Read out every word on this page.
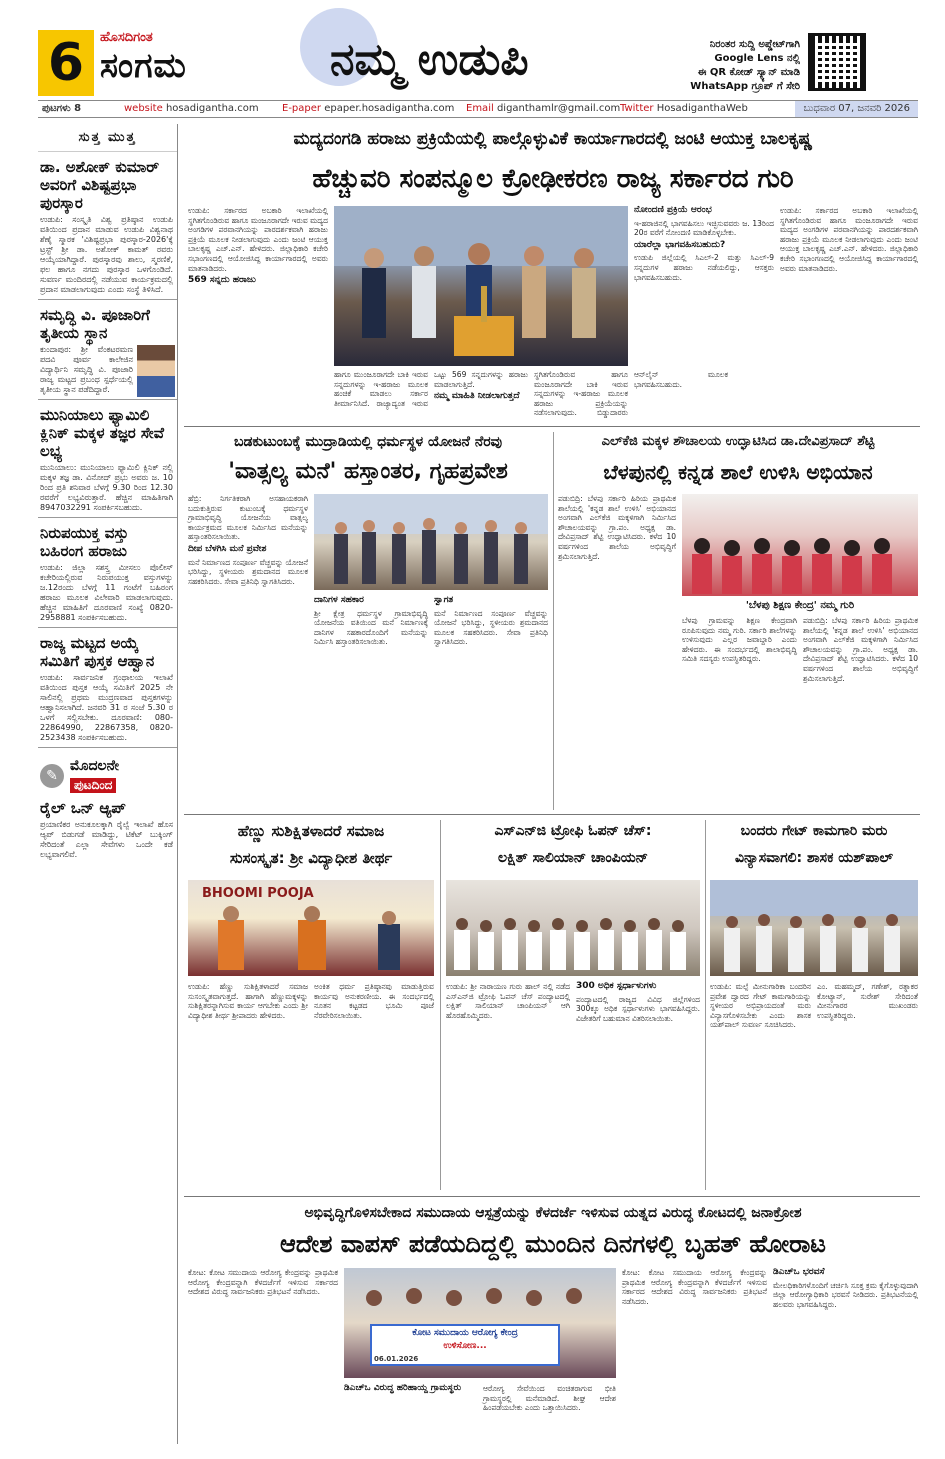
6	ಹೊಸದಿಗಂತ
ಸಂಗಮ	ನಮ್ಮ ಉಡುಪಿ	ನಿರಂತರ ಸುದ್ದಿ ಅಪ್ಡೇಟ್‌ಗಾಗಿ
Google Lens ನಲ್ಲಿ
ಈ QR ಕೋಡ್ ಸ್ಕ್ಯಾನ್ ಮಾಡಿ
WhatsApp ಗ್ರೂಪ್ ಗೆ ಸೇರಿ
ಪುಟಗಳು 8	website hosadigantha.com E-paper epaper.hosadigantha.com Email diganthamlr@gmail.com Twitter HosadiganthaWeb	ಬುಧವಾರ 07, ಜನವರಿ 2026
ಸುತ್ತ ಮುತ್ತ
ಡಾ. ಅಶೋಕ್ ಕುಮಾರ್ ಅವರಿಗೆ ವಿಶಿಷ್ಟಪ್ರಭಾ ಪುರಸ್ಕಾರ
ಉಡುಪಿ: ಸಂಸ್ಕೃತಿ ವಿಶ್ವ ಪ್ರತಿಷ್ಠಾನ ಉಡುಪಿ ವತಿಯಿಂದ ಪ್ರದಾನ ಮಾಡುವ ಉಡುಪಿ ವಿಶ್ವನಾಥ ಶೆಣೈ ಸ್ಮಾರಕ 'ವಿಶಿಷ್ಟಪ್ರಭಾ ಪುರಸ್ಕಾರ-2026'ಕ್ಕೆ ಟ್ರಸ್ಟ್ ಶ್ರೀ ಡಾ. ಅಶೋಕ್ ಕಾಮತ್ ರವರು ಆಯ್ಕೆಯಾಗಿದ್ದಾರೆ. ಪುರಸ್ಕಾರವು ಶಾಲು, ಸ್ಮರಣಿಕೆ, ಫಲ ಹಾಗೂ ನಗದು ಪುರಸ್ಕಾರ ಒಳಗೊಂಡಿದೆ. ಸುವರ್ಣ ಮಂದಿರದಲ್ಲಿ ನಡೆಯುವ ಕಾರ್ಯಕ್ರಮದಲ್ಲಿ ಪ್ರದಾನ ಮಾಡಲಾಗುವುದು ಎಂದು ಸಂಸ್ಥೆ ತಿಳಿಸಿದೆ.
ಸಮೃದ್ಧಿ ವಿ. ಪೂಜಾರಿಗೆ ತೃತೀಯ ಸ್ಥಾನ
ಕುಂದಾಪುರ: ಶ್ರೀ ವೆಂಕಟರಮಣ ಪದವಿ ಪೂರ್ವ ಕಾಲೇಜಿನ ವಿದ್ಯಾರ್ಥಿನಿ ಸಮೃದ್ಧಿ ವಿ. ಪೂಜಾರಿ ರಾಜ್ಯ ಮಟ್ಟದ ಪ್ರಬಂಧ ಸ್ಪರ್ಧೆಯಲ್ಲಿ ತೃತೀಯ ಸ್ಥಾನ ಪಡೆದಿದ್ದಾರೆ.
ಮುನಿಯಾಲು ಫ್ಯಾಮಿಲಿ ಕ್ಲಿನಿಕ್ ಮಕ್ಕಳ ತಜ್ಞರ ಸೇವೆ ಲಭ್ಯ
ಮುನಿಯಾಲು: ಮುನಿಯಾಲು ಫ್ಯಾಮಿಲಿ ಕ್ಲಿನಿಕ್ ನಲ್ಲಿ ಮಕ್ಕಳ ತಜ್ಞ ಡಾ. ವಿನೋದ್ ಪ್ರಭು ಅವರು ಜ. 10 ರಿಂದ ಪ್ರತಿ ಶನಿವಾರ ಬೆಳಗ್ಗೆ 9.30 ರಿಂದ 12.30 ರವರೆಗೆ ಲಭ್ಯವಿರುತ್ತಾರೆ. ಹೆಚ್ಚಿನ ಮಾಹಿತಿಗಾಗಿ 8947032291 ಸಂಪರ್ಕಿಸಬಹುದು.
ನಿರುಪಯುಕ್ತ ವಸ್ತು ಬಹಿರಂಗ ಹರಾಜು
ಉಡುಪಿ: ಜಿಲ್ಲಾ ಸಶಸ್ತ್ರ ಮೀಸಲು ಪೊಲೀಸ್ ಕಚೇರಿಯಲ್ಲಿರುವ ನಿರುಪಯುಕ್ತ ವಸ್ತುಗಳನ್ನು ಜ.12ರಂದು ಬೆಳಗ್ಗೆ 11 ಗಂಟೆಗೆ ಬಹಿರಂಗ ಹರಾಜು ಮೂಲಕ ವಿಲೇವಾರಿ ಮಾಡಲಾಗುವುದು. ಹೆಚ್ಚಿನ ಮಾಹಿತಿಗೆ ದೂರವಾಣಿ ಸಂಖ್ಯೆ 0820-2958881 ಸಂಪರ್ಕಿಸಬಹುದು.
ರಾಜ್ಯ ಮಟ್ಟದ ಅಯ್ಕೆ ಸಮಿತಿಗೆ ಪುಸ್ತಕ ಆಹ್ವಾನ
ಉಡುಪಿ: ಸಾರ್ವಜನಿಕ ಗ್ರಂಥಾಲಯ ಇಲಾಖೆ ವತಿಯಿಂದ ಪುಸ್ತಕ ಆಯ್ಕೆ ಸಮಿತಿಗೆ 2025 ನೇ ಸಾಲಿನಲ್ಲಿ ಪ್ರಥಮ ಮುದ್ರಣವಾದ ಪುಸ್ತಕಗಳನ್ನು ಆಹ್ವಾನಿಸಲಾಗಿದೆ. ಜನವರಿ 31 ರ ಸಂಜೆ 5.30 ರ ಒಳಗೆ ಸಲ್ಲಿಸಬೇಕು. ದೂರವಾಣಿ: 080-22864990, 22867358, 0820-2523438 ಸಂಪರ್ಕಿಸಬಹುದು.
✎
ಮೊದಲನೇ
ಪುಟದಿಂದ
ರೈಲ್ ಒನ್ ಆ್ಯಪ್
ಪ್ರಯಾಣಿಕರ ಅನುಕೂಲಕ್ಕಾಗಿ ರೈಲ್ವೆ ಇಲಾಖೆ ಹೊಸ ಆ್ಯಪ್ ಬಿಡುಗಡೆ ಮಾಡಿದ್ದು, ಟಿಕೆಟ್ ಬುಕ್ಕಿಂಗ್ ಸೇರಿದಂತೆ ಎಲ್ಲಾ ಸೇವೆಗಳು ಒಂದೇ ಕಡೆ ಲಭ್ಯವಾಗಲಿವೆ.
ಮದ್ಯದಂಗಡಿ ಹರಾಜು ಪ್ರಕ್ರಿಯೆಯಲ್ಲಿ ಪಾಲ್ಗೊಳ್ಳುವಿಕೆ ಕಾರ್ಯಾಗಾರದಲ್ಲಿ ಜಂಟಿ ಆಯುಕ್ತ ಬಾಲಕೃಷ್ಣ
ಹೆಚ್ಚುವರಿ ಸಂಪನ್ಮೂಲ ಕ್ರೋಢೀಕರಣ ರಾಜ್ಯ ಸರ್ಕಾರದ ಗುರಿ

ಉಡುಪಿ: ಸರ್ಕಾರದ ಅಬಕಾರಿ ಇಲಾಖೆಯಲ್ಲಿ ಸ್ಥಗಿತಗೊಂಡಿರುವ ಹಾಗೂ ಮಂಜೂರಾಗದೇ ಇರುವ ಮದ್ಯದ ಅಂಗಡಿಗಳ ಪರವಾನಗಿಯನ್ನು ಪಾರದರ್ಶಕವಾಗಿ ಹರಾಜು ಪ್ರಕ್ರಿಯೆ ಮೂಲಕ ನೀಡಲಾಗುವುದು ಎಂದು ಜಂಟಿ ಆಯುಕ್ತ ಬಾಲಕೃಷ್ಣ ಎಚ್.ಎನ್. ಹೇಳಿದರು. ಜಿಲ್ಲಾಧಿಕಾರಿ ಕಚೇರಿ ಸಭಾಂಗಣದಲ್ಲಿ ಆಯೋಜಿಸಿದ್ದ ಕಾರ್ಯಾಗಾರದಲ್ಲಿ ಅವರು ಮಾತನಾಡಿದರು.

569 ಸನ್ನದು ಹರಾಜು

ಹಾಗೂ ಮುಂಜೂರಾಗದೇ ಬಾಕಿ ಇರುವ ಸನ್ನದುಗಳನ್ನು ಇ-ಹರಾಜು ಮೂಲಕ ಹಂಚಿಕೆ ಮಾಡಲು ಸರ್ಕಾರ ತೀರ್ಮಾನಿಸಿದೆ. ರಾಜ್ಯಾದ್ಯಂತ ಇರುವ ಒಟ್ಟು 569 ಸನ್ನದುಗಳನ್ನು ಹರಾಜು ಮಾಡಲಾಗುತ್ತಿದೆ.

ನಮ್ಮ ಮಾಹಿತಿ ನೀಡಲಾಗುತ್ತದೆ

ಸ್ಥಗಿತಗೊಂಡಿರುವ ಹಾಗೂ ಮಂಜೂರಾಗದೇ ಬಾಕಿ ಇರುವ ಸನ್ನದುಗಳನ್ನು ಇ-ಹರಾಜು ಮೂಲಕ ಹರಾಜು ಪ್ರಕ್ರಿಯೆಯನ್ನು ನಡೆಸಲಾಗುವುದು. ಬಿಡ್ಡುದಾರರು ಆನ್‌ಲೈನ್ ಮೂಲಕ ಭಾಗವಹಿಸಬಹುದು.

ನೋಂದಣಿ ಪ್ರಕ್ರಿಯೆ ಆರಂಭ

ಇ-ಹರಾಜಿನಲ್ಲಿ ಭಾಗವಹಿಸಲು ಇಚ್ಛಿಸುವವರು ಜ. 13ರಿಂದ 20ರ ವರೆಗೆ ನೋಂದಣಿ ಮಾಡಿಕೊಳ್ಳಬೇಕು.

ಯಾರೆಲ್ಲಾ ಭಾಗವಹಿಸಬಹುದು?

ಉಡುಪಿ ಜಿಲ್ಲೆಯಲ್ಲಿ ಸಿಎಲ್-2 ಮತ್ತು ಸಿಎಲ್-9 ಸನ್ನದುಗಳ ಹರಾಜು ನಡೆಯಲಿದ್ದು, ಆಸಕ್ತರು ಭಾಗವಹಿಸಬಹುದು.

ಉಡುಪಿ: ಸರ್ಕಾರದ ಅಬಕಾರಿ ಇಲಾಖೆಯಲ್ಲಿ ಸ್ಥಗಿತಗೊಂಡಿರುವ ಹಾಗೂ ಮಂಜೂರಾಗದೇ ಇರುವ ಮದ್ಯದ ಅಂಗಡಿಗಳ ಪರವಾನಗಿಯನ್ನು ಪಾರದರ್ಶಕವಾಗಿ ಹರಾಜು ಪ್ರಕ್ರಿಯೆ ಮೂಲಕ ನೀಡಲಾಗುವುದು ಎಂದು ಜಂಟಿ ಆಯುಕ್ತ ಬಾಲಕೃಷ್ಣ ಎಚ್.ಎನ್. ಹೇಳಿದರು. ಜಿಲ್ಲಾಧಿಕಾರಿ ಕಚೇರಿ ಸಭಾಂಗಣದಲ್ಲಿ ಆಯೋಜಿಸಿದ್ದ ಕಾರ್ಯಾಗಾರದಲ್ಲಿ ಅವರು ಮಾತನಾಡಿದರು.

ಬಡಕುಟುಂಬಕ್ಕೆ ಮುದ್ರಾಡಿಯಲ್ಲಿ ಧರ್ಮಸ್ಥಳ ಯೋಜನೆ ನೆರವು
'ವಾತ್ಸಲ್ಯ ಮನೆ' ಹಸ್ತಾಂತರ, ಗೃಹಪ್ರವೇಶ

ಹೆಬ್ರಿ: ನಿರ್ಗತಿಕರಾಗಿ ಅಸಹಾಯಕರಾಗಿ ಬದುಕುತ್ತಿರುವ ಕುಟುಂಬಕ್ಕೆ ಧರ್ಮಸ್ಥಳ ಗ್ರಾಮಾಭಿವೃದ್ಧಿ ಯೋಜನೆಯ ವಾತ್ಸಲ್ಯ ಕಾರ್ಯಕ್ರಮದ ಮೂಲಕ ನಿರ್ಮಿಸಿದ ಮನೆಯನ್ನು ಹಸ್ತಾಂತರಿಸಲಾಯಿತು.

ದೀಪ ಬೆಳಗಿಸಿ ಮನೆ ಪ್ರವೇಶ

ಮನೆ ನಿರ್ಮಾಣದ ಸಂಪೂರ್ಣ ವೆಚ್ಚವನ್ನು ಯೋಜನೆ ಭರಿಸಿದ್ದು, ಸ್ಥಳೀಯರು ಶ್ರಮದಾನದ ಮೂಲಕ ಸಹಕರಿಸಿದರು. ಸೇವಾ ಪ್ರತಿನಿಧಿ ಸ್ವಾಗತಿಸಿದರು.

ದಾನಿಗಳ ಸಹಕಾರ

ಶ್ರೀ ಕ್ಷೇತ್ರ ಧರ್ಮಸ್ಥಳ ಗ್ರಾಮಾಭಿವೃದ್ಧಿ ಯೋಜನೆಯ ವತಿಯಿಂದ ಮನೆ ನಿರ್ಮಾಣಕ್ಕೆ ದಾನಿಗಳ ಸಹಕಾರದೊಂದಿಗೆ ಮನೆಯನ್ನು ನಿರ್ಮಿಸಿ ಹಸ್ತಾಂತರಿಸಲಾಯಿತು.

ಸ್ವಾಗತ

ಮನೆ ನಿರ್ಮಾಣದ ಸಂಪೂರ್ಣ ವೆಚ್ಚವನ್ನು ಯೋಜನೆ ಭರಿಸಿದ್ದು, ಸ್ಥಳೀಯರು ಶ್ರಮದಾನದ ಮೂಲಕ ಸಹಕರಿಸಿದರು. ಸೇವಾ ಪ್ರತಿನಿಧಿ ಸ್ವಾಗತಿಸಿದರು.

ಎಲ್‌ಕೆಜಿ ಮಕ್ಕಳ ಶೌಚಾಲಯ ಉದ್ಘಾಟಿಸಿದ ಡಾ.ದೇವಿಪ್ರಸಾದ್ ಶೆಟ್ಟಿ
ಬೆಳಪುನಲ್ಲಿ ಕನ್ನಡ ಶಾಲೆ ಉಳಿಸಿ ಅಭಿಯಾನ

ಪಡುಬಿದ್ರಿ: ಬೆಳಪು ಸರ್ಕಾರಿ ಹಿರಿಯ ಪ್ರಾಥಮಿಕ ಶಾಲೆಯಲ್ಲಿ 'ಕನ್ನಡ ಶಾಲೆ ಉಳಿಸಿ' ಅಭಿಯಾನದ ಅಂಗವಾಗಿ ಎಲ್‌ಕೆಜಿ ಮಕ್ಕಳಿಗಾಗಿ ನಿರ್ಮಿಸಿದ ಶೌಚಾಲಯವನ್ನು ಗ್ರಾ.ಪಂ. ಅಧ್ಯಕ್ಷ ಡಾ. ದೇವಿಪ್ರಸಾದ್ ಶೆಟ್ಟಿ ಉದ್ಘಾಟಿಸಿದರು. ಕಳೆದ 10 ವರ್ಷಗಳಿಂದ ಶಾಲೆಯ ಅಭಿವೃದ್ಧಿಗೆ ಶ್ರಮಿಸಲಾಗುತ್ತಿದೆ.

'ಬೆಳಪು ಶಿಕ್ಷಣ ಕೇಂದ್ರ' ನಮ್ಮ ಗುರಿ

ಬೆಳಪು ಗ್ರಾಮವನ್ನು ಶಿಕ್ಷಣ ಕೇಂದ್ರವಾಗಿ ರೂಪಿಸುವುದು ನಮ್ಮ ಗುರಿ. ಸರ್ಕಾರಿ ಶಾಲೆಗಳನ್ನು ಉಳಿಸುವುದು ಎಲ್ಲರ ಜವಾಬ್ದಾರಿ ಎಂದು ಹೇಳಿದರು. ಈ ಸಂದರ್ಭದಲ್ಲಿ ಶಾಲಾಭಿವೃದ್ಧಿ ಸಮಿತಿ ಸದಸ್ಯರು ಉಪಸ್ಥಿತರಿದ್ದರು.

ಪಡುಬಿದ್ರಿ: ಬೆಳಪು ಸರ್ಕಾರಿ ಹಿರಿಯ ಪ್ರಾಥಮಿಕ ಶಾಲೆಯಲ್ಲಿ 'ಕನ್ನಡ ಶಾಲೆ ಉಳಿಸಿ' ಅಭಿಯಾನದ ಅಂಗವಾಗಿ ಎಲ್‌ಕೆಜಿ ಮಕ್ಕಳಿಗಾಗಿ ನಿರ್ಮಿಸಿದ ಶೌಚಾಲಯವನ್ನು ಗ್ರಾ.ಪಂ. ಅಧ್ಯಕ್ಷ ಡಾ. ದೇವಿಪ್ರಸಾದ್ ಶೆಟ್ಟಿ ಉದ್ಘಾಟಿಸಿದರು. ಕಳೆದ 10 ವರ್ಷಗಳಿಂದ ಶಾಲೆಯ ಅಭಿವೃದ್ಧಿಗೆ ಶ್ರಮಿಸಲಾಗುತ್ತಿದೆ.

ಹೆಣ್ಣು ಸುಶಿಕ್ಷಿತಳಾದರೆ ಸಮಾಜ
ಸುಸಂಸ್ಕೃತ: ಶ್ರೀ ವಿದ್ಯಾಧೀಶ ತೀರ್ಥ
BHOOMI POOJA

ಉಡುಪಿ: ಹೆಣ್ಣು ಸುಶಿಕ್ಷಿತಳಾದರೆ ಸಮಾಜ ಸುಸಂಸ್ಕೃತವಾಗುತ್ತದೆ. ಹಾಗಾಗಿ ಹೆಣ್ಣುಮಕ್ಕಳನ್ನು ಸುಶಿಕ್ಷಿತರನ್ನಾಗಿಸುವ ಕಾರ್ಯ ಆಗಬೇಕು ಎಂದು ಶ್ರೀ ವಿದ್ಯಾಧೀಶ ತೀರ್ಥ ಶ್ರೀಪಾದರು ಹೇಳಿದರು.

ಅಂಕಿತ ಧರ್ಮ ಪ್ರತಿಷ್ಠಾನವು ಮಾಡುತ್ತಿರುವ ಕಾರ್ಯವು ಅನುಕರಣೀಯ. ಈ ಸಂದರ್ಭದಲ್ಲಿ ನೂತನ ಕಟ್ಟಡದ ಭೂಮಿ ಪೂಜೆ ನೆರವೇರಿಸಲಾಯಿತು.

ಎಸ್‌ಎನ್‌ಜಿ ಟ್ರೋಫಿ ಓಪನ್ ಚೆಸ್:
ಲಕ್ಷಿತ್ ಸಾಲಿಯಾನ್ ಚಾಂಪಿಯನ್

ಉಡುಪಿ: ಶ್ರೀ ನಾರಾಯಣ ಗುರು ಹಾಲ್ ನಲ್ಲಿ ನಡೆದ ಎಸ್‌ಎನ್‌ಜಿ ಟ್ರೋಫಿ ಓಪನ್ ಚೆಸ್ ಪಂದ್ಯಾಟದಲ್ಲಿ ಲಕ್ಷಿತ್ ಸಾಲಿಯಾನ್ ಚಾಂಪಿಯನ್ ಆಗಿ ಹೊರಹೊಮ್ಮಿದರು.

300 ಅಧಿಕ ಸ್ಪರ್ಧಾಳುಗಳು

ಪಂದ್ಯಾಟದಲ್ಲಿ ರಾಜ್ಯದ ವಿವಿಧ ಜಿಲ್ಲೆಗಳಿಂದ 300ಕ್ಕೂ ಅಧಿಕ ಸ್ಪರ್ಧಾಳುಗಳು ಭಾಗವಹಿಸಿದ್ದರು. ವಿಜೇತರಿಗೆ ಬಹುಮಾನ ವಿತರಿಸಲಾಯಿತು.

ಬಂದರು ಗೇಟ್ ಕಾಮಗಾರಿ ಮರು
ವಿನ್ಯಾಸವಾಗಲಿ: ಶಾಸಕ ಯಶ್‌ಪಾಲ್

ಉಡುಪಿ: ಮಲ್ಪೆ ಮೀನುಗಾರಿಕಾ ಬಂದರಿನ ಪ್ರವೇಶ ದ್ವಾರದ ಗೇಟ್ ಕಾಮಗಾರಿಯನ್ನು ಸ್ಥಳೀಯರ ಅಭಿಪ್ರಾಯದಂತೆ ಮರು ವಿನ್ಯಾಸಗೊಳಿಸಬೇಕು ಎಂದು ಶಾಸಕ ಯಶ್‌ಪಾಲ್ ಸುವರ್ಣ ಸೂಚಿಸಿದರು.

ಎಂ. ಮಹಮ್ಮದ್, ಗಣೇಶ್, ರತ್ನಾಕರ ಕೋಟ್ಯಾನ್, ಸುರೇಶ್ ಸೇರಿದಂತೆ ಮೀನುಗಾರರ ಮುಖಂಡರು ಉಪಸ್ಥಿತರಿದ್ದರು.

ಅಭಿವೃದ್ಧಿಗೊಳಿಸಬೇಕಾದ ಸಮುದಾಯ ಆಸ್ಪತ್ರೆಯನ್ನು ಕೆಳದರ್ಜೆ ಇಳಿಸುವ ಯತ್ನದ ವಿರುದ್ಧ ಕೋಟದಲ್ಲಿ ಜನಾಕ್ರೋಶ
ಆದೇಶ ವಾಪಸ್ ಪಡೆಯದಿದ್ದಲ್ಲಿ ಮುಂದಿನ ದಿನಗಳಲ್ಲಿ ಬೃಹತ್ ಹೋರಾಟ

ಕೋಟ: ಕೋಟ ಸಮುದಾಯ ಆರೋಗ್ಯ ಕೇಂದ್ರವನ್ನು ಪ್ರಾಥಮಿಕ ಆರೋಗ್ಯ ಕೇಂದ್ರವನ್ನಾಗಿ ಕೆಳದರ್ಜೆಗೆ ಇಳಿಸುವ ಸರ್ಕಾರದ ಆದೇಶದ ವಿರುದ್ಧ ಸಾರ್ವಜನಿಕರು ಪ್ರತಿಭಟನೆ ನಡೆಸಿದರು.

ಕೋಟ ಸಮುದಾಯ ಆರೋಗ್ಯ ಕೇಂದ್ರ
ಉಳಿಸೋಣ...
06.01.2026

ಡಿಎಚ್‌ಒ ವಿರುದ್ಧ ಹರಿಹಾಯ್ದ ಗ್ರಾಮಸ್ಥರು	ಆರೋಗ್ಯ ಸೇವೆಯಿಂದ ವಂಚಿತರಾಗುವ ಭೀತಿ ಗ್ರಾಮಸ್ಥರಲ್ಲಿ ಮನೆಮಾಡಿದೆ. ಶೀಘ್ರ ಆದೇಶ ಹಿಂಪಡೆಯಬೇಕು ಎಂದು ಒತ್ತಾಯಿಸಿದರು.

ಕೋಟ: ಕೋಟ ಸಮುದಾಯ ಆರೋಗ್ಯ ಕೇಂದ್ರವನ್ನು ಪ್ರಾಥಮಿಕ ಆರೋಗ್ಯ ಕೇಂದ್ರವನ್ನಾಗಿ ಕೆಳದರ್ಜೆಗೆ ಇಳಿಸುವ ಸರ್ಕಾರದ ಆದೇಶದ ವಿರುದ್ಧ ಸಾರ್ವಜನಿಕರು ಪ್ರತಿಭಟನೆ ನಡೆಸಿದರು.

ಡಿಎಚ್‌ಒ ಭರವಸೆ

ಮೇಲಧಿಕಾರಿಗಳೊಂದಿಗೆ ಚರ್ಚಿಸಿ ಸೂಕ್ತ ಕ್ರಮ ಕೈಗೊಳ್ಳುವುದಾಗಿ ಜಿಲ್ಲಾ ಆರೋಗ್ಯಾಧಿಕಾರಿ ಭರವಸೆ ನೀಡಿದರು. ಪ್ರತಿಭಟನೆಯಲ್ಲಿ ಹಲವರು ಭಾಗವಹಿಸಿದ್ದರು.
